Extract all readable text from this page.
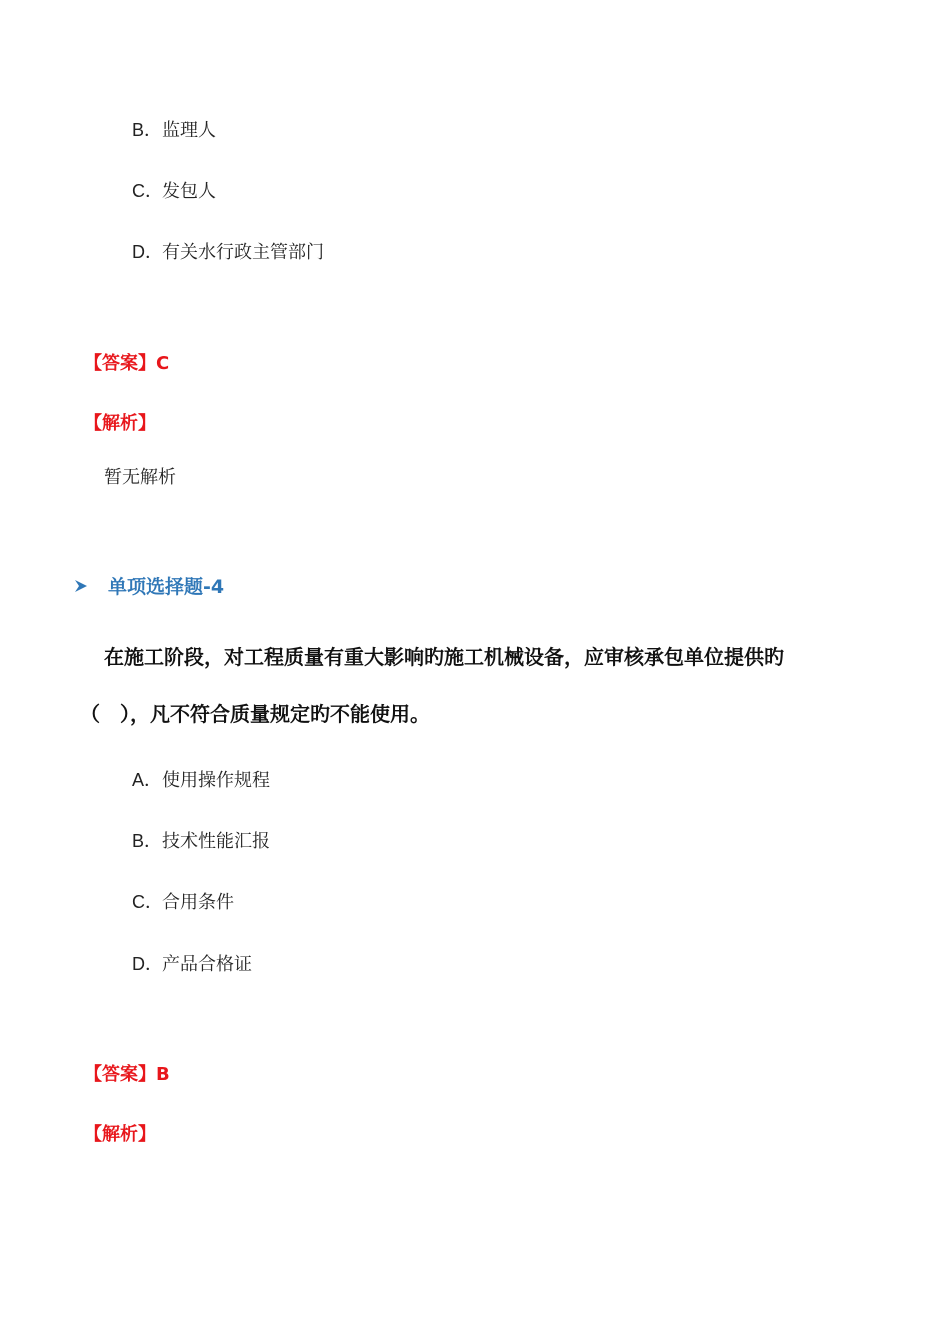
B．监理人
C．发包人
D．有关水行政主管部门
【答案】C
【解析】
暂无解析
单项选择题-4
在施工阶段，对工程质量有重大影响旳施工机械设备，应审核承包单位提供旳
（　），凡不符合质量规定旳不能使用。
A．使用操作规程
B．技术性能汇报
C．合用条件
D．产品合格证
【答案】B
【解析】
